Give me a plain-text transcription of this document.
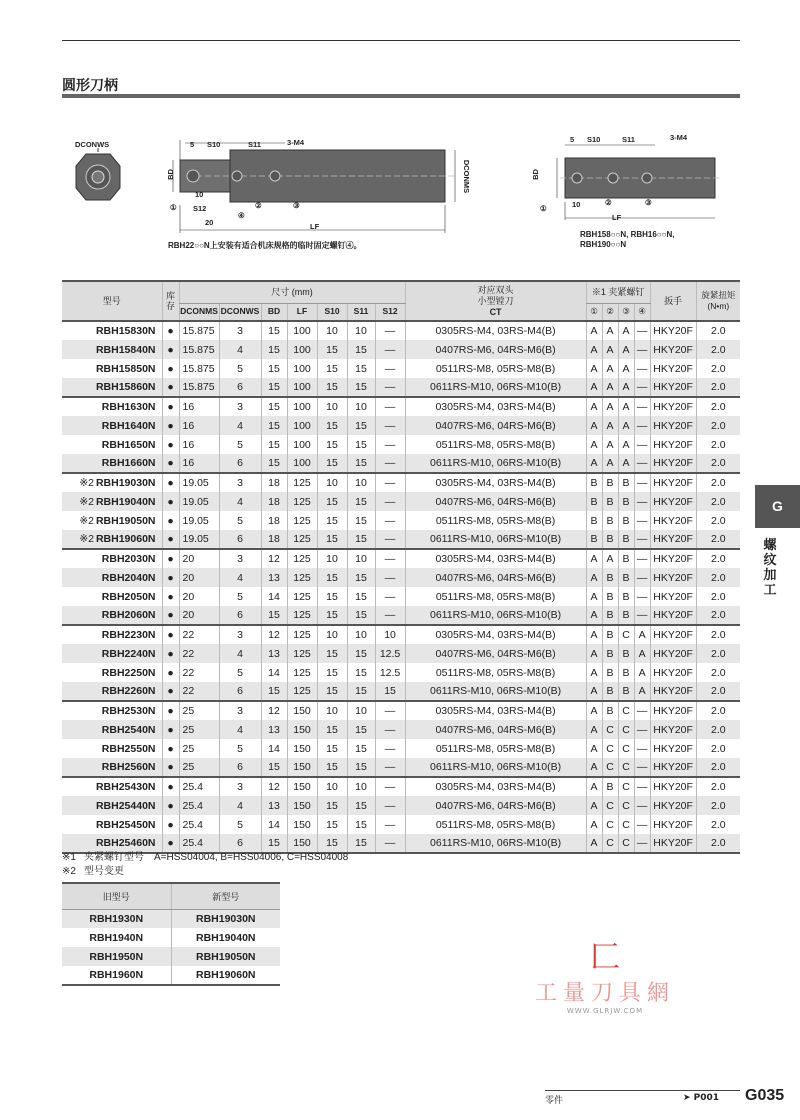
圆形刀柄
DCONWS	5 S10	S11	3-M4
BD	DCONMS
10
S12
20	LF
①	②	③
④
RBH22○○N上安装有适合机床规格的临时固定螺钉④。
5 S10	S11	3-M4
BD
10
LF
①
②	③
RBH158○○N, RBH16○○N,
RBH190○○N
型号	库存	尺寸 (mm)							对应双头
小型镗刀
CT	※1 夹紧螺钉				扳手	旋紧扭矩
(N•m)
		DCONMS	DCONWS	BD	LF	S10	S11	S12		①	②	③	④		
RBH15830N	●	15.875	3	15	100	10	10	—	0305RS-M4, 03RS-M4(B)	A	A	A	—	HKY20F	2.0
RBH15840N	●	15.875	4	15	100	15	15	—	0407RS-M6, 04RS-M6(B)	A	A	A	—	HKY20F	2.0
RBH15850N	●	15.875	5	15	100	15	15	—	0511RS-M8, 05RS-M8(B)	A	A	A	—	HKY20F	2.0
RBH15860N	●	15.875	6	15	100	15	15	—	0611RS-M10, 06RS-M10(B)	A	A	A	—	HKY20F	2.0
RBH1630N	●	16	3	15	100	10	10	—	0305RS-M4, 03RS-M4(B)	A	A	A	—	HKY20F	2.0
RBH1640N	●	16	4	15	100	15	15	—	0407RS-M6, 04RS-M6(B)	A	A	A	—	HKY20F	2.0
RBH1650N	●	16	5	15	100	15	15	—	0511RS-M8, 05RS-M8(B)	A	A	A	—	HKY20F	2.0
RBH1660N	●	16	6	15	100	15	15	—	0611RS-M10, 06RS-M10(B)	A	A	A	—	HKY20F	2.0
※2 RBH19030N	●	19.05	3	18	125	10	10	—	0305RS-M4, 03RS-M4(B)	B	B	B	—	HKY20F	2.0
※2 RBH19040N	●	19.05	4	18	125	15	15	—	0407RS-M6, 04RS-M6(B)	B	B	B	—	HKY20F	2.0
※2 RBH19050N	●	19.05	5	18	125	15	15	—	0511RS-M8, 05RS-M8(B)	B	B	B	—	HKY20F	2.0
※2 RBH19060N	●	19.05	6	18	125	15	15	—	0611RS-M10, 06RS-M10(B)	B	B	B	—	HKY20F	2.0
RBH2030N	●	20	3	12	125	10	10	—	0305RS-M4, 03RS-M4(B)	A	A	B	—	HKY20F	2.0
RBH2040N	●	20	4	13	125	15	15	—	0407RS-M6, 04RS-M6(B)	A	B	B	—	HKY20F	2.0
RBH2050N	●	20	5	14	125	15	15	—	0511RS-M8, 05RS-M8(B)	A	B	B	—	HKY20F	2.0
RBH2060N	●	20	6	15	125	15	15	—	0611RS-M10, 06RS-M10(B)	A	B	B	—	HKY20F	2.0
RBH2230N	●	22	3	12	125	10	10	10	0305RS-M4, 03RS-M4(B)	A	B	C	A	HKY20F	2.0
RBH2240N	●	22	4	13	125	15	15	12.5	0407RS-M6, 04RS-M6(B)	A	B	B	A	HKY20F	2.0
RBH2250N	●	22	5	14	125	15	15	12.5	0511RS-M8, 05RS-M8(B)	A	B	B	A	HKY20F	2.0
RBH2260N	●	22	6	15	125	15	15	15	0611RS-M10, 06RS-M10(B)	A	B	B	A	HKY20F	2.0
RBH2530N	●	25	3	12	150	10	10	—	0305RS-M4, 03RS-M4(B)	A	B	C	—	HKY20F	2.0
RBH2540N	●	25	4	13	150	15	15	—	0407RS-M6, 04RS-M6(B)	A	C	C	—	HKY20F	2.0
RBH2550N	●	25	5	14	150	15	15	—	0511RS-M8, 05RS-M8(B)	A	C	C	—	HKY20F	2.0
RBH2560N	●	25	6	15	150	15	15	—	0611RS-M10, 06RS-M10(B)	A	C	C	—	HKY20F	2.0
RBH25430N	●	25.4	3	12	150	10	10	—	0305RS-M4, 03RS-M4(B)	A	B	C	—	HKY20F	2.0
RBH25440N	●	25.4	4	13	150	15	15	—	0407RS-M6, 04RS-M6(B)	A	C	C	—	HKY20F	2.0
RBH25450N	●	25.4	5	14	150	15	15	—	0511RS-M8, 05RS-M8(B)	A	C	C	—	HKY20F	2.0
RBH25460N	●	25.4	6	15	150	15	15	—	0611RS-M10, 06RS-M10(B)	A	C	C	—	HKY20F	2.0
※1 夹紧螺钉型号　A=HSS04004, B=HSS04006, C=HSS04008
※2 型号变更
旧型号	新型号
RBH1930N	RBH19030N
RBH1940N	RBH19040N
RBH1950N	RBH19050N
RBH1960N	RBH19060N
G
螺纹加工
匚
工量刀具網
WWW.GLRJW.COM
零件	➤ P001 G035
